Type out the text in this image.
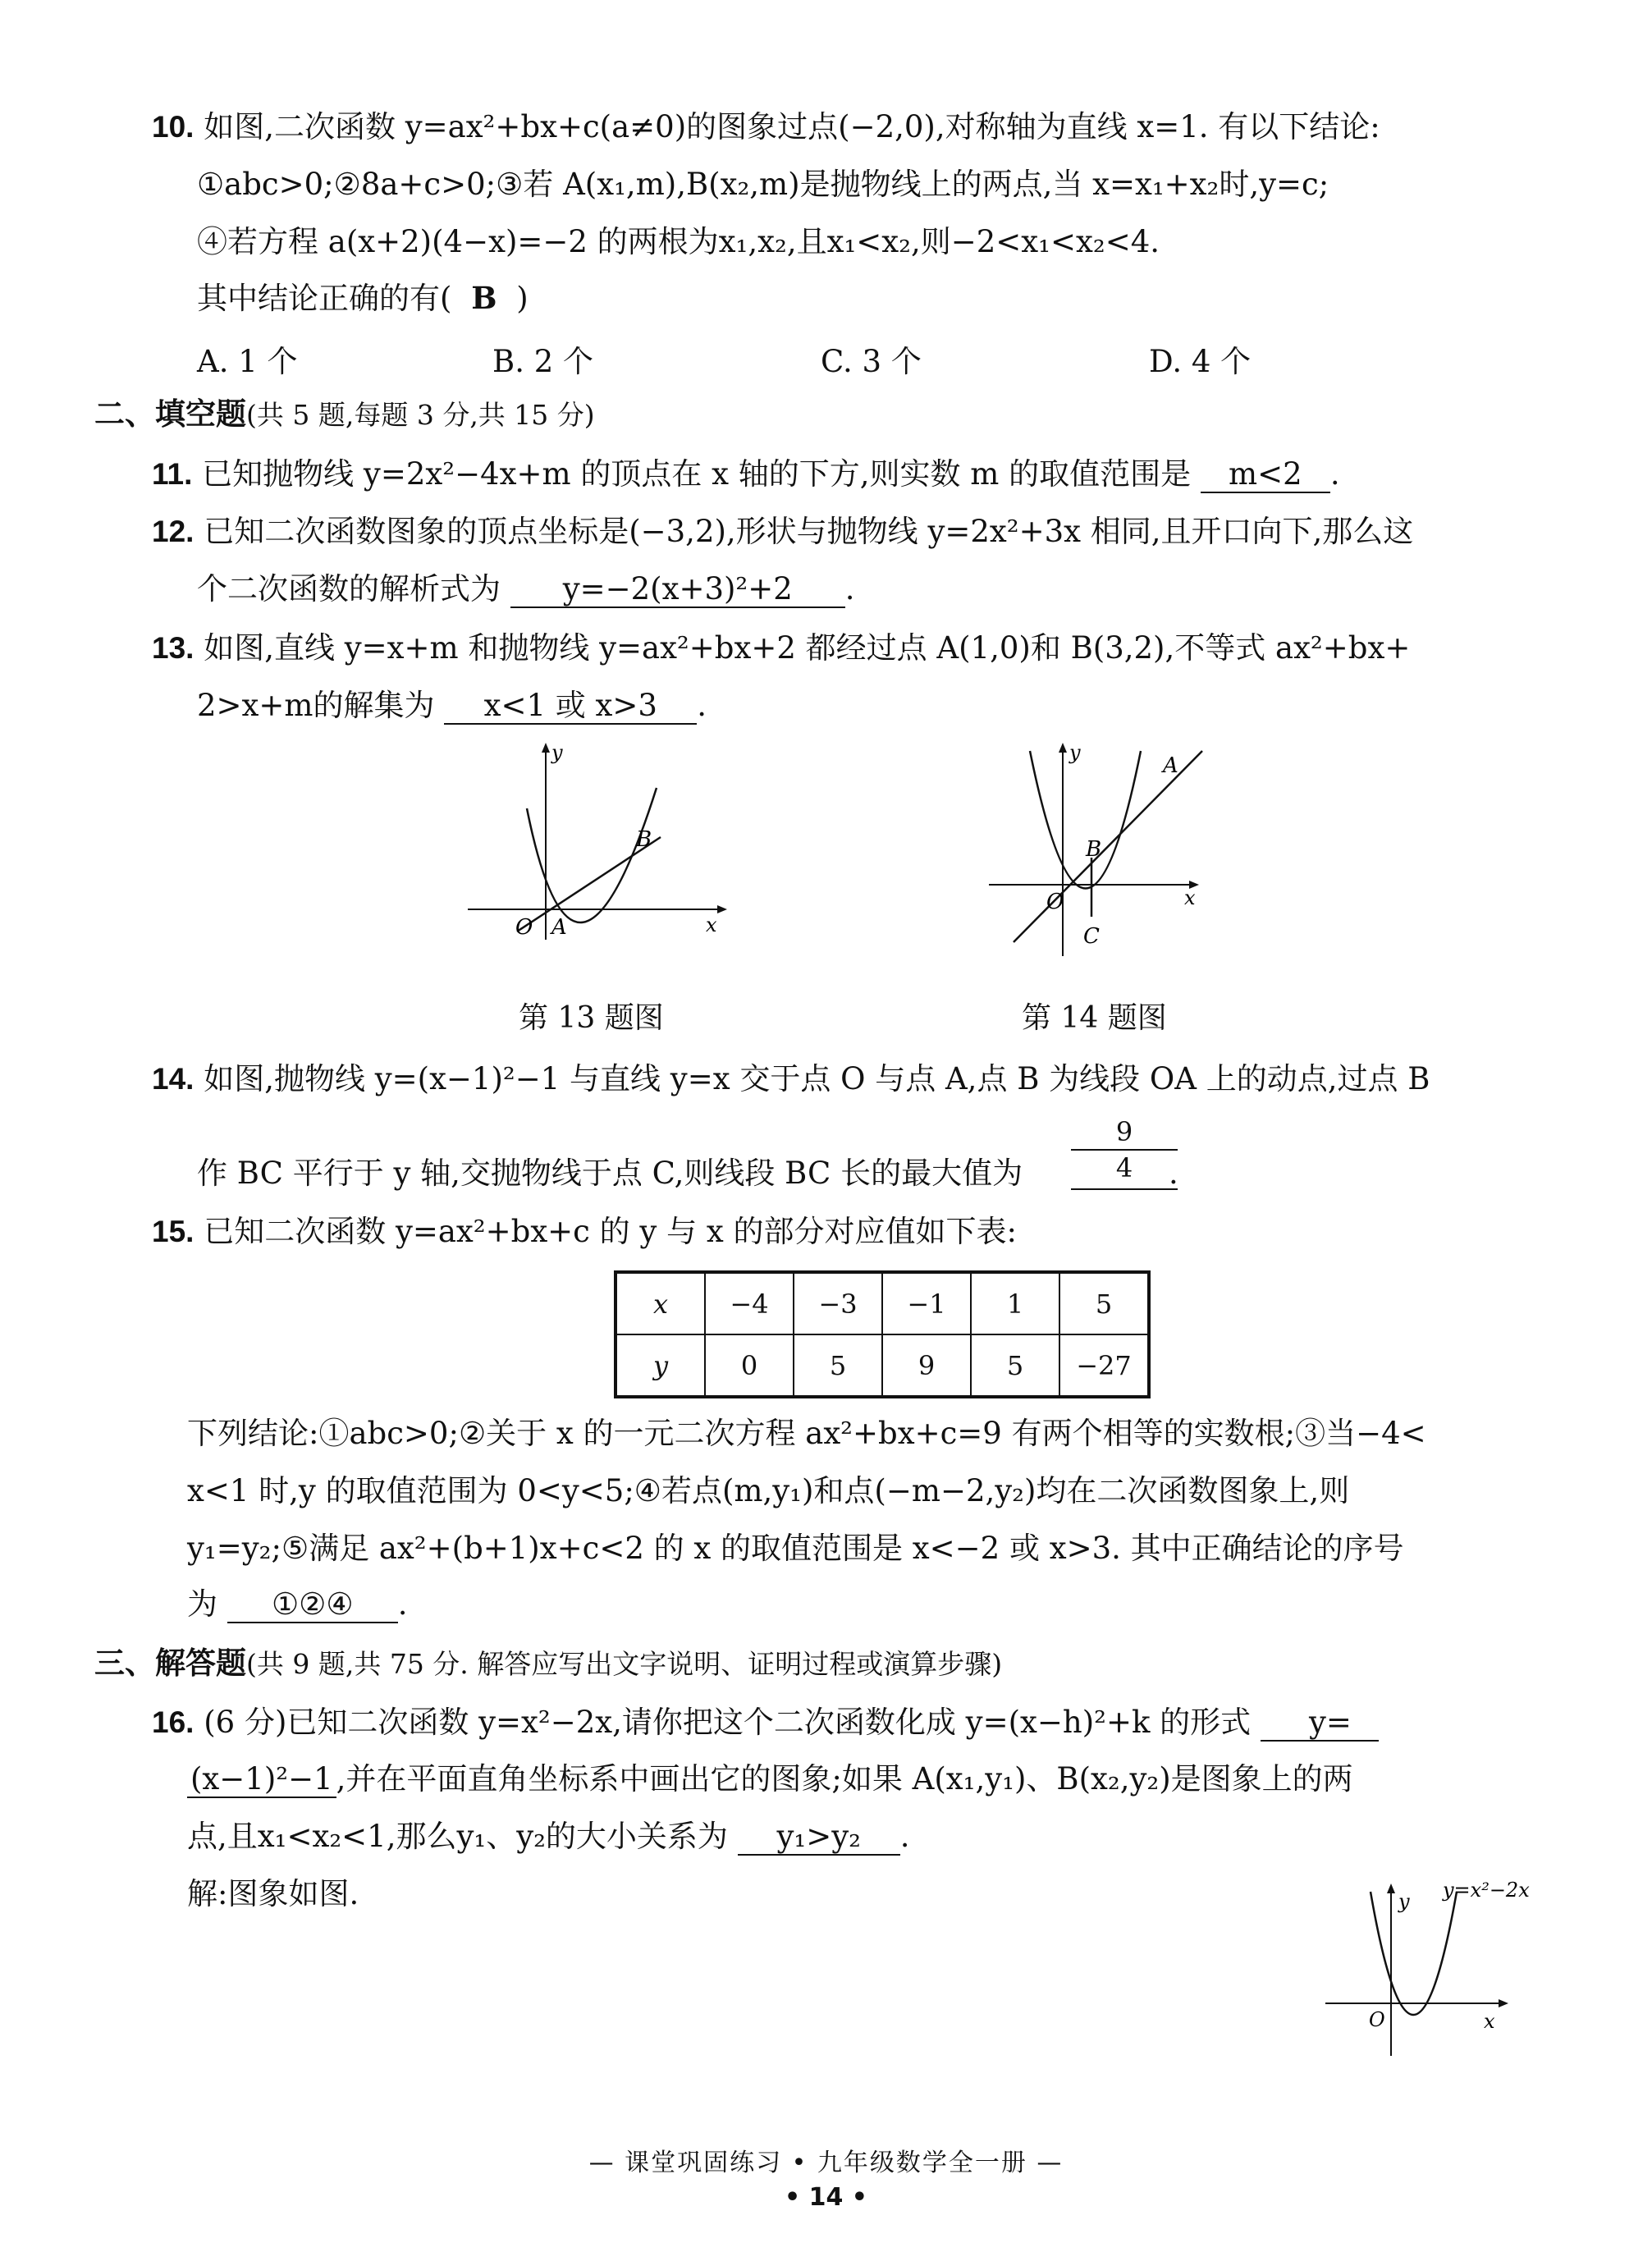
10. 如图,二次函数 y=ax²+bx+c(a≠0)的图象过点(−2,0),对称轴为直线 x=1. 有以下结论:
①abc>0;②8a+c>0;③若 A(x₁,m),B(x₂,m)是抛物线上的两点,当 x=x₁+x₂时,y=c;
④若方程 a(x+2)(4−x)=−2 的两根为x₁,x₂,且x₁<x₂,则−2<x₁<x₂<4.
其中结论正确的有( B )
A. 1 个	B. 2 个	C. 3 个	D. 4 个
二、填空题(共 5 题,每题 3 分,共 15 分)
11. 已知抛物线 y=2x²−4x+m 的顶点在 x 轴的下方,则实数 m 的取值范围是 m<2 .
12. 已知二次函数图象的顶点坐标是(−3,2),形状与抛物线 y=2x²+3x 相同,且开口向下,那么这
个二次函数的解析式为 y=−2(x+3)²+2 .
13. 如图,直线 y=x+m 和抛物线 y=ax²+bx+2 都经过点 A(1,0)和 B(3,2),不等式 ax²+bx+
2>x+m的解集为 x<1 或 x>3 .
x
y
O A
B
第 13 题图
x
y
O
A
B
C
第 14 题图
14. 如图,抛物线 y=(x−1)²−1 与直线 y=x 交于点 O 与点 A,点 B 为线段 OA 上的动点,过点 B
作 BC 平行于 y 轴,交抛物线于点 C,则线段 BC 长的最大值为
9
4	.
15. 已知二次函数 y=ax²+bx+c 的 y 与 x 的部分对应值如下表:
x	−4	−3	−1	1	5
y	0	5	9	5	−27
下列结论:①abc>0;②关于 x 的一元二次方程 ax²+bx+c=9 有两个相等的实数根;③当−4<
x<1 时,y 的取值范围为 0<y<5;④若点(m,y₁)和点(−m−2,y₂)均在二次函数图象上,则
y₁=y₂;⑤满足 ax²+(b+1)x+c<2 的 x 的取值范围是 x<−2 或 x>3. 其中正确结论的序号
为 ①②④ .
三、解答题(共 9 题,共 75 分. 解答应写出文字说明、证明过程或演算步骤)
16. (6 分)已知二次函数 y=x²−2x,请你把这个二次函数化成 y=(x−h)²+k 的形式 y=
(x−1)²−1 ,并在平面直角坐标系中画出它的图象;如果 A(x₁,y₁)、B(x₂,y₂)是图象上的两
点,且x₁<x₂<1,那么y₁、y₂的大小关系为 y₁>y₂ .
解:图象如图.	y=x²−2x
y
x
O
— 课堂巩固练习 • 九年级数学全一册 —
• 14 •
